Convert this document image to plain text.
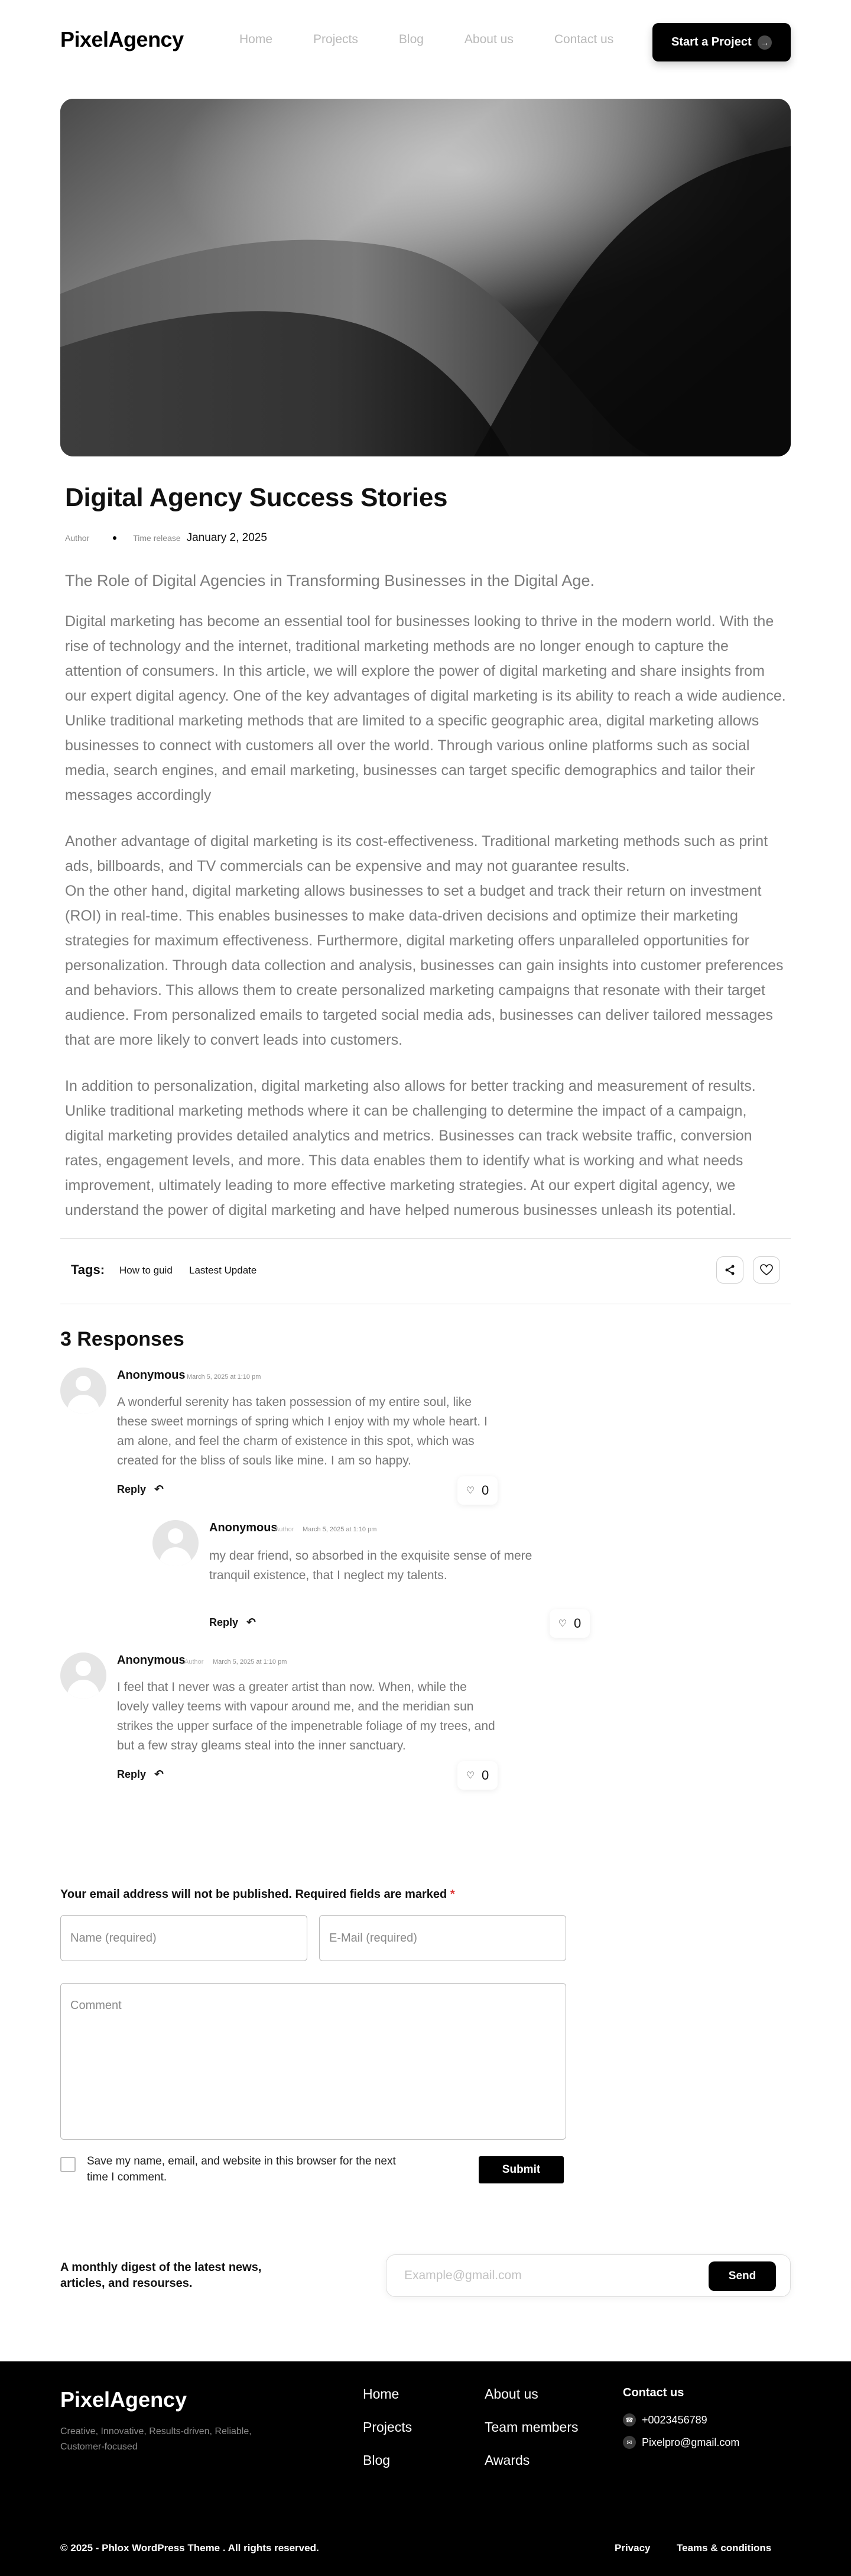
PixelAgency	Home	Projects	Blog	About us	Contact us	Start a Project	→
Digital Agency Success Stories
Author	Time release January 2, 2025

The Role of Digital Agencies in Transforming Businesses in the Digital Age.

Digital marketing has become an essential tool for businesses looking to thrive in the modern world. With the rise of technology and the internet, traditional marketing methods are no longer enough to capture the attention of consumers. In this article, we will explore the power of digital marketing and share insights from our expert digital agency. One of the key advantages of digital marketing is its ability to reach a wide audience. Unlike traditional marketing methods that are limited to a specific geographic area, digital marketing allows businesses to connect with customers all over the world. Through various online platforms such as social media, search engines, and email marketing, businesses can target specific demographics and tailor their messages accordingly

Another advantage of digital marketing is its cost-effectiveness. Traditional marketing methods such as print ads, billboards, and TV commercials can be expensive and may not guarantee results.

On the other hand, digital marketing allows businesses to set a budget and track their return on investment (ROI) in real-time. This enables businesses to make data-driven decisions and optimize their marketing strategies for maximum effectiveness. Furthermore, digital marketing offers unparalleled opportunities for personalization. Through data collection and analysis, businesses can gain insights into customer preferences and behaviors. This allows them to create personalized marketing campaigns that resonate with their target audience. From personalized emails to targeted social media ads, businesses can deliver tailored messages that are more likely to convert leads into customers.

In addition to personalization, digital marketing also allows for better tracking and measurement of results. Unlike traditional marketing methods where it can be challenging to determine the impact of a campaign, digital marketing provides detailed analytics and metrics. Businesses can track website traffic, conversion rates, engagement levels, and more. This data enables them to identify what is working and what needs improvement, ultimately leading to more effective marketing strategies. At our expert digital agency, we understand the power of digital marketing and have helped numerous businesses unleash its potential.

Tags: How to guid Lastest Update
3 Responses
Anonymous March 5, 2025 at 1:10 pm

A wonderful serenity has taken possession of my entire soul, like these sweet mornings of spring which I enjoy with my whole heart. I am alone, and feel the charm of existence in this spot, which was created for the bliss of souls like mine. I am so happy.

Reply ↶	♡ 0
Anonymous
Author March 5, 2025 at 1:10 pm

my dear friend, so absorbed in the exquisite sense of mere tranquil existence, that I neglect my talents.

Reply ↶	♡ 0
Anonymous
Author March 5, 2025 at 1:10 pm

I feel that I never was a greater artist than now. When, while the lovely valley teems with vapour around me, and the meridian sun strikes the upper surface of the impenetrable foliage of my trees, and but a few stray gleams steal into the inner sanctuary.

Reply ↶	♡ 0
Your email address will not be published. Required fields are marked *
Name (required)	E-Mail (required)
Comment

Save my name, email, and website in this browser for the next time I comment.

Submit

A monthly digest of the latest news, articles, and resourses.

Example@gmail.com	Send
PixelAgency

Creative, Innovative, Results-driven, Reliable, Customer-focused

Home
Projects
Blog
About us
Team members
Awards
Contact us
☎ +0023456789
✉ Pixelpro@gmail.com
© 2025 - Phlox WordPress Theme . All rights reserved.	Privacy	Teams & conditions
